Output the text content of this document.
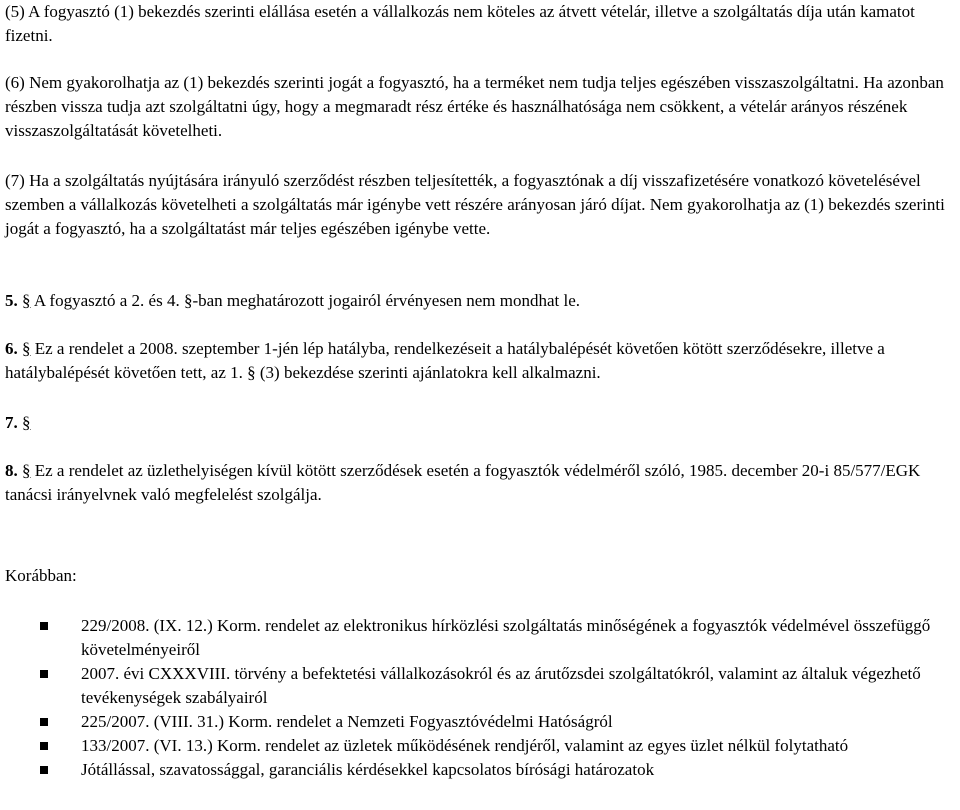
(5) A fogyasztó (1) bekezdés szerinti elállása esetén a vállalkozás nem köteles az átvett vételár, illetve a szolgáltatás díja után kamatot fizetni.

(6) Nem gyakorolhatja az (1) bekezdés szerinti jogát a fogyasztó, ha a terméket nem tudja teljes egészében visszaszolgáltatni. Ha azonban részben vissza tudja azt szolgáltatni úgy, hogy a megmaradt rész értéke és használhatósága nem csökkent, a vételár arányos részének visszaszolgáltatását követelheti.

(7) Ha a szolgáltatás nyújtására irányuló szerződést részben teljesítették, a fogyasztónak a díj visszafizetésére vonatkozó követelésével szemben a vállalkozás követelheti a szolgáltatás már igénybe vett részére arányosan járó díjat. Nem gyakorolhatja az (1) bekezdés szerinti jogát a fogyasztó, ha a szolgáltatást már teljes egészében igénybe vette.

5. § A fogyasztó a 2. és 4. §-ban meghatározott jogairól érvényesen nem mondhat le.

6. § Ez a rendelet a 2008. szeptember 1-jén lép hatályba, rendelkezéseit a hatálybalépését követően kötött szerződésekre, illetve a hatálybalépését követően tett, az 1. § (3) bekezdése szerinti ajánlatokra kell alkalmazni.

7. §

8. § Ez a rendelet az üzlethelyiségen kívül kötött szerződések esetén a fogyasztók védelméről szóló, 1985. december 20-i 85/577/EGK tanácsi irányelvnek való megfelelést szolgálja.

Korábban:

229/2008. (IX. 12.) Korm. rendelet az elektronikus hírközlési szolgáltatás minőségének a fogyasztók védelmével összefüggő követelményeiről
2007. évi CXXXVIII. törvény a befektetési vállalkozásokról és az árutőzsdei szolgáltatókról, valamint az általuk végezhető tevékenységek szabályairól
225/2007. (VIII. 31.) Korm. rendelet a Nemzeti Fogyasztóvédelmi Hatóságról
133/2007. (VI. 13.) Korm. rendelet az üzletek működésének rendjéről, valamint az egyes üzlet nélkül folytatható
Jótállással, szavatossággal, garanciális kérdésekkel kapcsolatos bírósági határozatok
